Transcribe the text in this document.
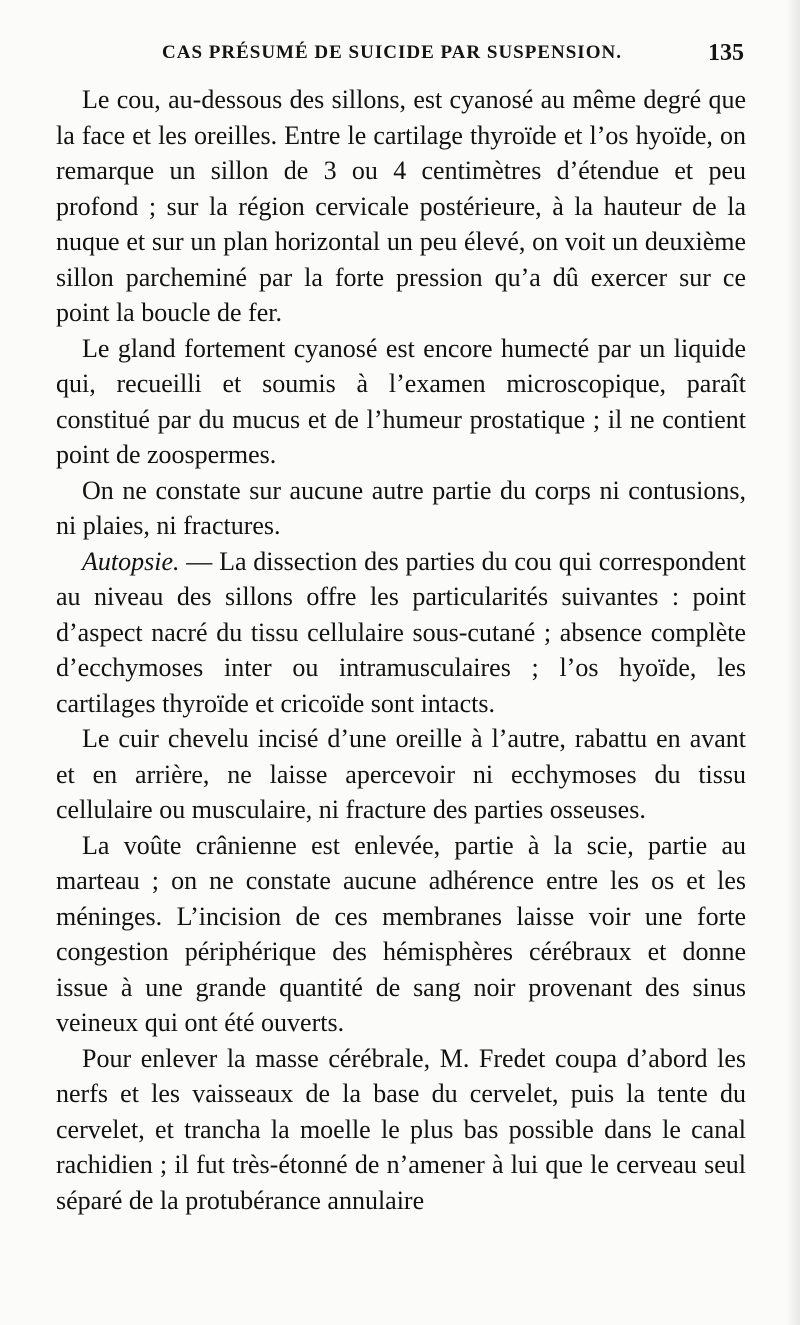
CAS PRÉSUMÉ DE SUICIDE PAR SUSPENSION.	135

Le cou, au-dessous des sillons, est cyanosé au même degré que la face et les oreilles. Entre le cartilage thyroïde et l’os hyoïde, on remarque un sillon de 3 ou 4 centimètres d’étendue et peu profond ; sur la région cervicale postérieure, à la hauteur de la nuque et sur un plan horizontal un peu élevé, on voit un deuxième sillon parcheminé par la forte pression qu’a dû exercer sur ce point la boucle de fer.

Le gland fortement cyanosé est encore humecté par un liquide qui, recueilli et soumis à l’examen microscopique, paraît constitué par du mucus et de l’humeur prostatique ; il ne contient point de zoospermes.

On ne constate sur aucune autre partie du corps ni contusions, ni plaies, ni fractures.

Autopsie. — La dissection des parties du cou qui correspondent au niveau des sillons offre les particularités suivantes : point d’aspect nacré du tissu cellulaire sous-cutané ; absence complète d’ecchymoses inter ou intramusculaires ; l’os hyoïde, les cartilages thyroïde et cricoïde sont intacts.

Le cuir chevelu incisé d’une oreille à l’autre, rabattu en avant et en arrière, ne laisse apercevoir ni ecchymoses du tissu cellulaire ou musculaire, ni fracture des parties osseuses.

La voûte crânienne est enlevée, partie à la scie, partie au marteau ; on ne constate aucune adhérence entre les os et les méninges. L’incision de ces membranes laisse voir une forte congestion périphérique des hémisphères cérébraux et donne issue à une grande quantité de sang noir provenant des sinus veineux qui ont été ouverts.

Pour enlever la masse cérébrale, M. Fredet coupa d’abord les nerfs et les vaisseaux de la base du cervelet, puis la tente du cervelet, et trancha la moelle le plus bas possible dans le canal rachidien ; il fut très-étonné de n’amener à lui que le cerveau seul séparé de la protubérance annulaire
